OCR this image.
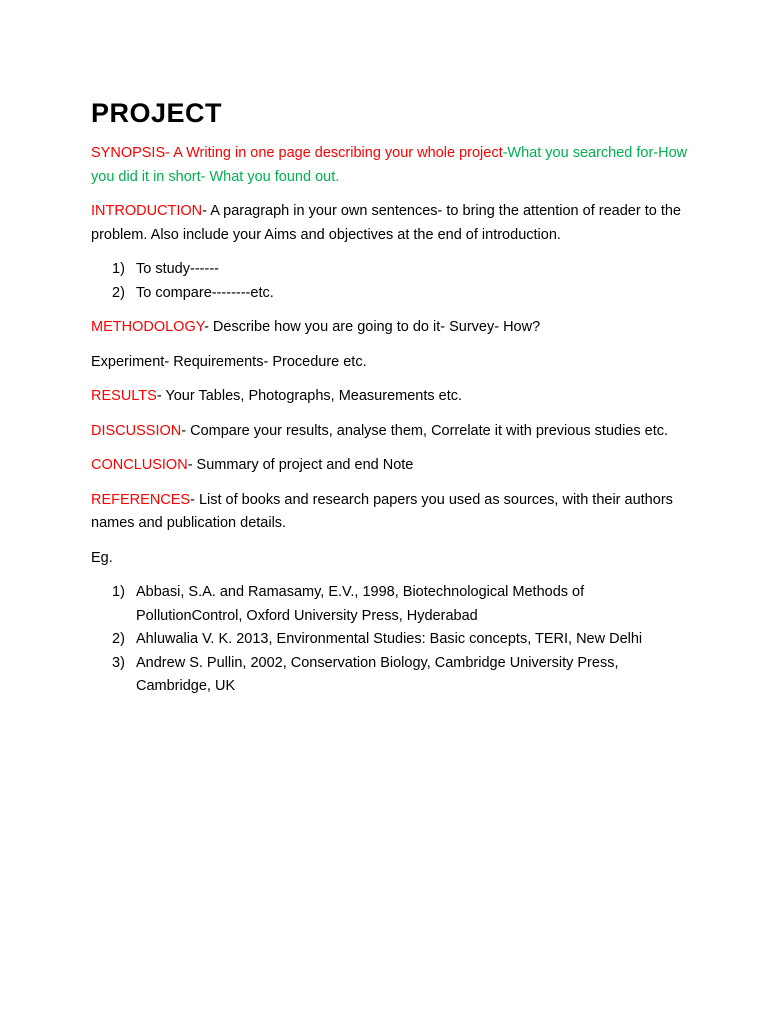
PROJECT

SYNOPSIS- A Writing in one page describing your whole project-What you searched for-How you did it in short- What you found out.

INTRODUCTION- A paragraph in your own sentences- to bring the attention of reader to the problem. Also include your Aims and objectives at the end of introduction.

1) To study------
2) To compare--------etc.

METHODOLOGY- Describe how you are going to do it- Survey- How?

Experiment- Requirements- Procedure etc.

RESULTS- Your Tables, Photographs, Measurements etc.

DISCUSSION- Compare your results, analyse them, Correlate it with previous studies etc.

CONCLUSION- Summary of project and end Note

REFERENCES- List of books and research papers you used as sources, with their authors names and publication details.

Eg.

1) Abbasi, S.A. and Ramasamy, E.V., 1998, Biotechnological Methods of PollutionControl, Oxford University Press, Hyderabad
2) Ahluwalia V. K. 2013, Environmental Studies: Basic concepts, TERI, New Delhi
3) Andrew S. Pullin, 2002, Conservation Biology, Cambridge University Press, Cambridge, UK
